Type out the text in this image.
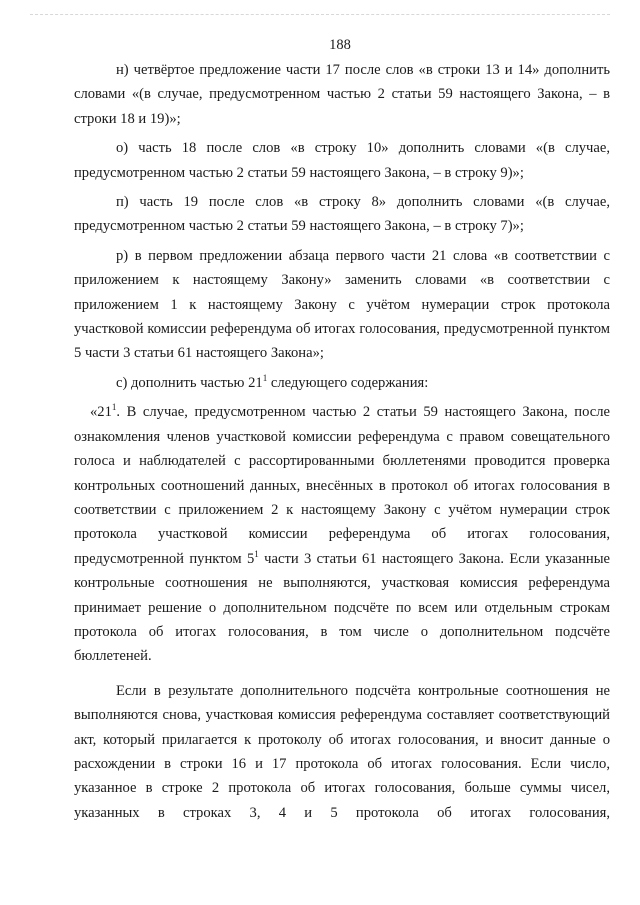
188

н) четвёртое предложение части 17 после слов «в строки 13 и 14» дополнить словами «(в случае, предусмотренном частью 2 статьи 59 настоящего Закона, – в строки 18 и 19)»;

о) часть 18 после слов «в строку 10» дополнить словами «(в случае, предусмотренном частью 2 статьи 59 настоящего Закона, – в строку 9)»;

п) часть 19 после слов «в строку 8» дополнить словами «(в случае, предусмотренном частью 2 статьи 59 настоящего Закона, – в строку 7)»;

р) в первом предложении абзаца первого части 21 слова «в соответствии с приложением к настоящему Закону» заменить словами «в соответствии с приложением 1 к настоящему Закону с учётом нумерации строк протокола участковой комиссии референдума об итогах голосования, предусмотренной пунктом 5 части 3 статьи 61 настоящего Закона»;

с) дополнить частью $21^1$ следующего содержания:

«$21^1$. В случае, предусмотренном частью 2 статьи 59 настоящего Закона, после ознакомления членов участковой комиссии референдума с правом совещательного голоса и наблюдателей с рассортированными бюллетенями проводится проверка контрольных соотношений данных, внесённых в протокол об итогах голосования в соответствии с приложением 2 к настоящему Закону с учётом нумерации строк протокола участковой комиссии референдума об итогах голосования, предусмотренной пунктом $5^1$ части 3 статьи 61 настоящего Закона. Если указанные контрольные соотношения не выполняются, участковая комиссия референдума принимает решение о дополнительном подсчёте по всем или отдельным строкам протокола об итогах голосования, в том числе о дополнительном подсчёте бюллетеней.

Если в результате дополнительного подсчёта контрольные соотношения не выполняются снова, участковая комиссия референдума составляет соответствующий акт, который прилагается к протоколу об итогах голосования, и вносит данные о расхождении в строки 16 и 17 протокола об итогах голосования. Если число, указанное в строке 2 протокола об итогах голосования, больше суммы чисел, указанных в строках 3, 4 и 5 протокола об итогах голосования,
